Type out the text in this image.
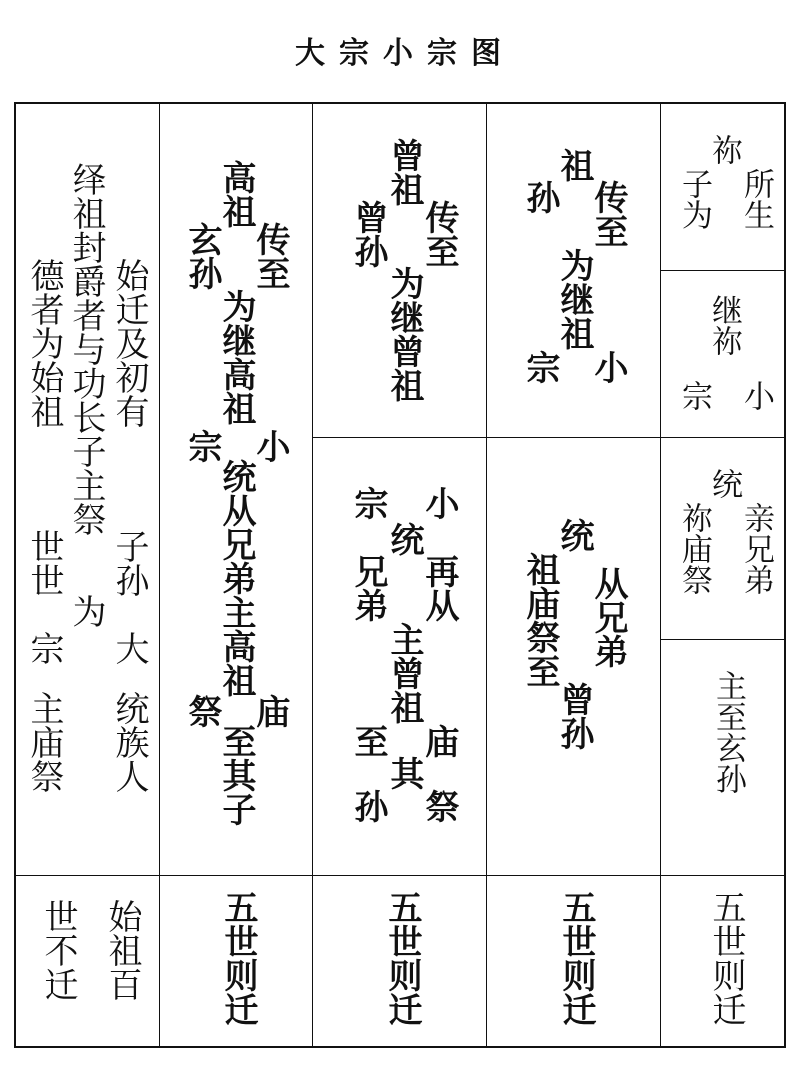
大宗小宗图
始迁及初有
绎祖封爵者与功长子主祭
德者为始祖
子孙
大
统族人
为
世世
宗
主庙祭
始祖百
世不迁
高祖
玄孙 传至
为继高祖
宗 小
统从兄弟主高祖
祭 庙
至其子
五世则迁
曾祖
曾孙 传至
为继曾祖
宗 小
统
再从
兄弟
主曾祖
至 庙
其
孙 祭
五世则迁
祖
孙 传至
为继祖
宗 小
统
祖庙祭至 从兄弟
曾孙
五世则迁
祢
子为 所生
继祢
宗 小
统
祢庙祭 亲兄弟
主至玄孙
五世则迁
